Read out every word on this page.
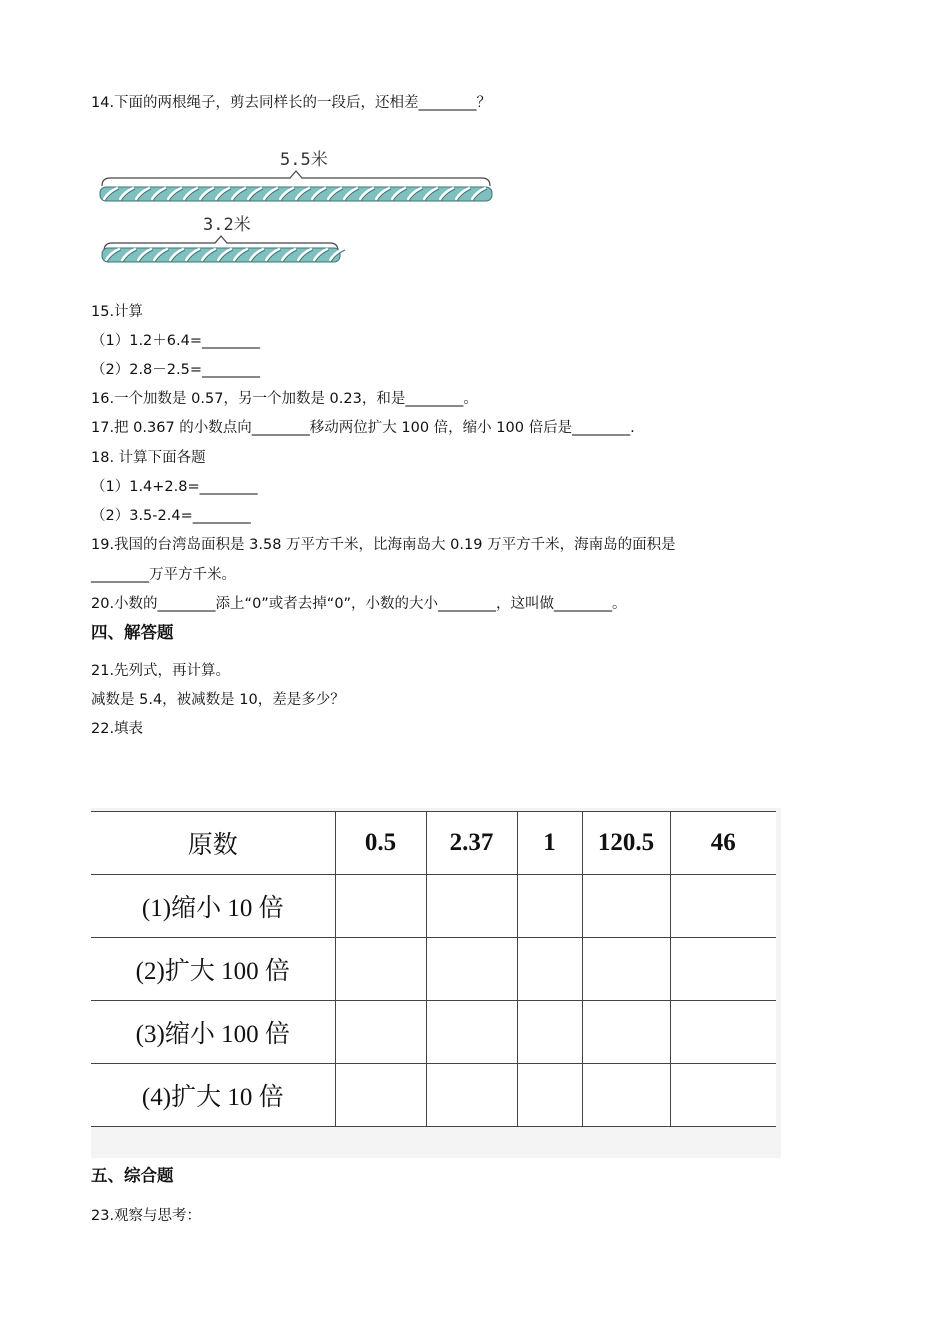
14.下面的两根绳子，剪去同样长的一段后，还相差________？
5.5米
3.2米
15.计算
（1）1.2＋6.4=________
（2）2.8－2.5=________
16.一个加数是 0.57，另一个加数是 0.23，和是________。
17.把 0.367 的小数点向________移动两位扩大 100 倍，缩小 100 倍后是________.
18. 计算下面各题
（1）1.4+2.8=________
（2）3.5-2.4=________
19.我国的台湾岛面积是 3.58 万平方千米，比海南岛大 0.19 万平方千米，海南岛的面积是
________万平方千米。
20.小数的________添上“0”或者去掉“0”，小数的大小________，这叫做________。
四、解答题
21.先列式，再计算。
减数是 5.4，被减数是 10，差是多少？
22.填表
原数	0.5	2.37	1	120.5	46
(1)缩小 10 倍					
(2)扩大 100 倍					
(3)缩小 100 倍					
(4)扩大 10 倍					
五、综合题
23.观察与思考：
